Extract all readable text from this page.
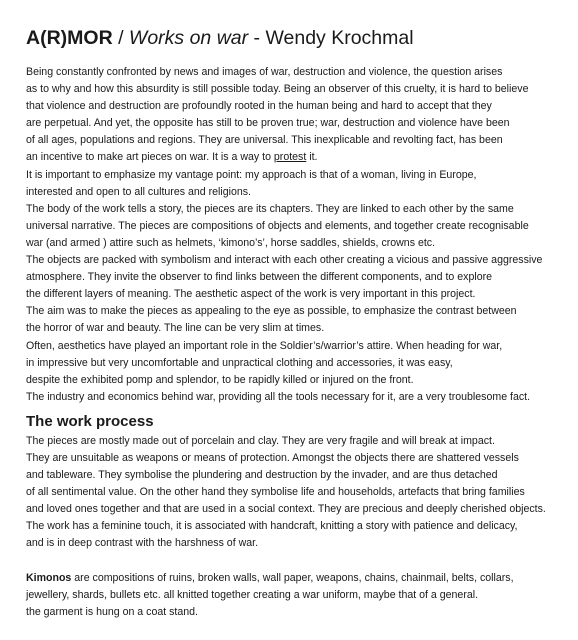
A(R)MOR / Works on war - Wendy Krochmal
Being constantly confronted by news and images of war, destruction and violence, the question arises
as to why and how this absurdity is still possible today. Being an observer of this cruelty, it is hard to believe
that violence and destruction are profoundly rooted in the human being and hard to accept that they
are perpetual. And yet, the opposite has still to be proven true; war, destruction and violence have been
of all ages, populations and regions. They are universal. This inexplicable and revolting fact, has been
an incentive to make art pieces on war. It is a way to protest it.
It is important to emphasize my vantage point: my approach is that of a woman, living in Europe,
interested and open to all cultures and religions.
The body of the work tells a story, the pieces are its chapters. They are linked to each other by the same
universal narrative. The pieces are compositions of objects and elements, and together create recognisable
war (and armed ) attire such as helmets, ‘kimono’s’, horse saddles, shields, crowns etc.
The objects are packed with symbolism and interact with each other creating a vicious and passive aggressive
atmosphere. They invite the observer to find links between the different components, and to explore
the different layers of meaning. The aesthetic aspect of the work is very important in this project.
The aim was to make the pieces as appealing to the eye as possible, to emphasize the contrast between
the horror of war and beauty. The line can be very slim at times.
Often, aesthetics have played an important role in the Soldier’s/warrior’s attire. When heading for war,
in impressive but very uncomfortable and unpractical clothing and accessories, it was easy,
despite the exhibited pomp and splendor, to be rapidly killed or injured on the front.
The industry and economics behind war, providing all the tools necessary for it, are a very troublesome fact.
The work process
The pieces are mostly made out of porcelain and clay. They are very fragile and will break at impact.
They are unsuitable as weapons or means of protection. Amongst the objects there are shattered vessels
and tableware. They symbolise the plundering and destruction by the invader, and are thus detached
of all sentimental value. On the other hand they symbolise life and households, artefacts that bring families
and loved ones together and that are used in a social context. They are precious and deeply cherished objects.
The work has a feminine touch, it is associated with handcraft, knitting a story with patience and delicacy,
and is in deep contrast with the harshness of war.
Kimonos are compositions of ruins, broken walls, wall paper, weapons, chains, chainmail, belts, collars,
jewellery, shards, bullets etc. all knitted together creating a war uniform, maybe that of a general.
the garment is hung on a coat stand.
